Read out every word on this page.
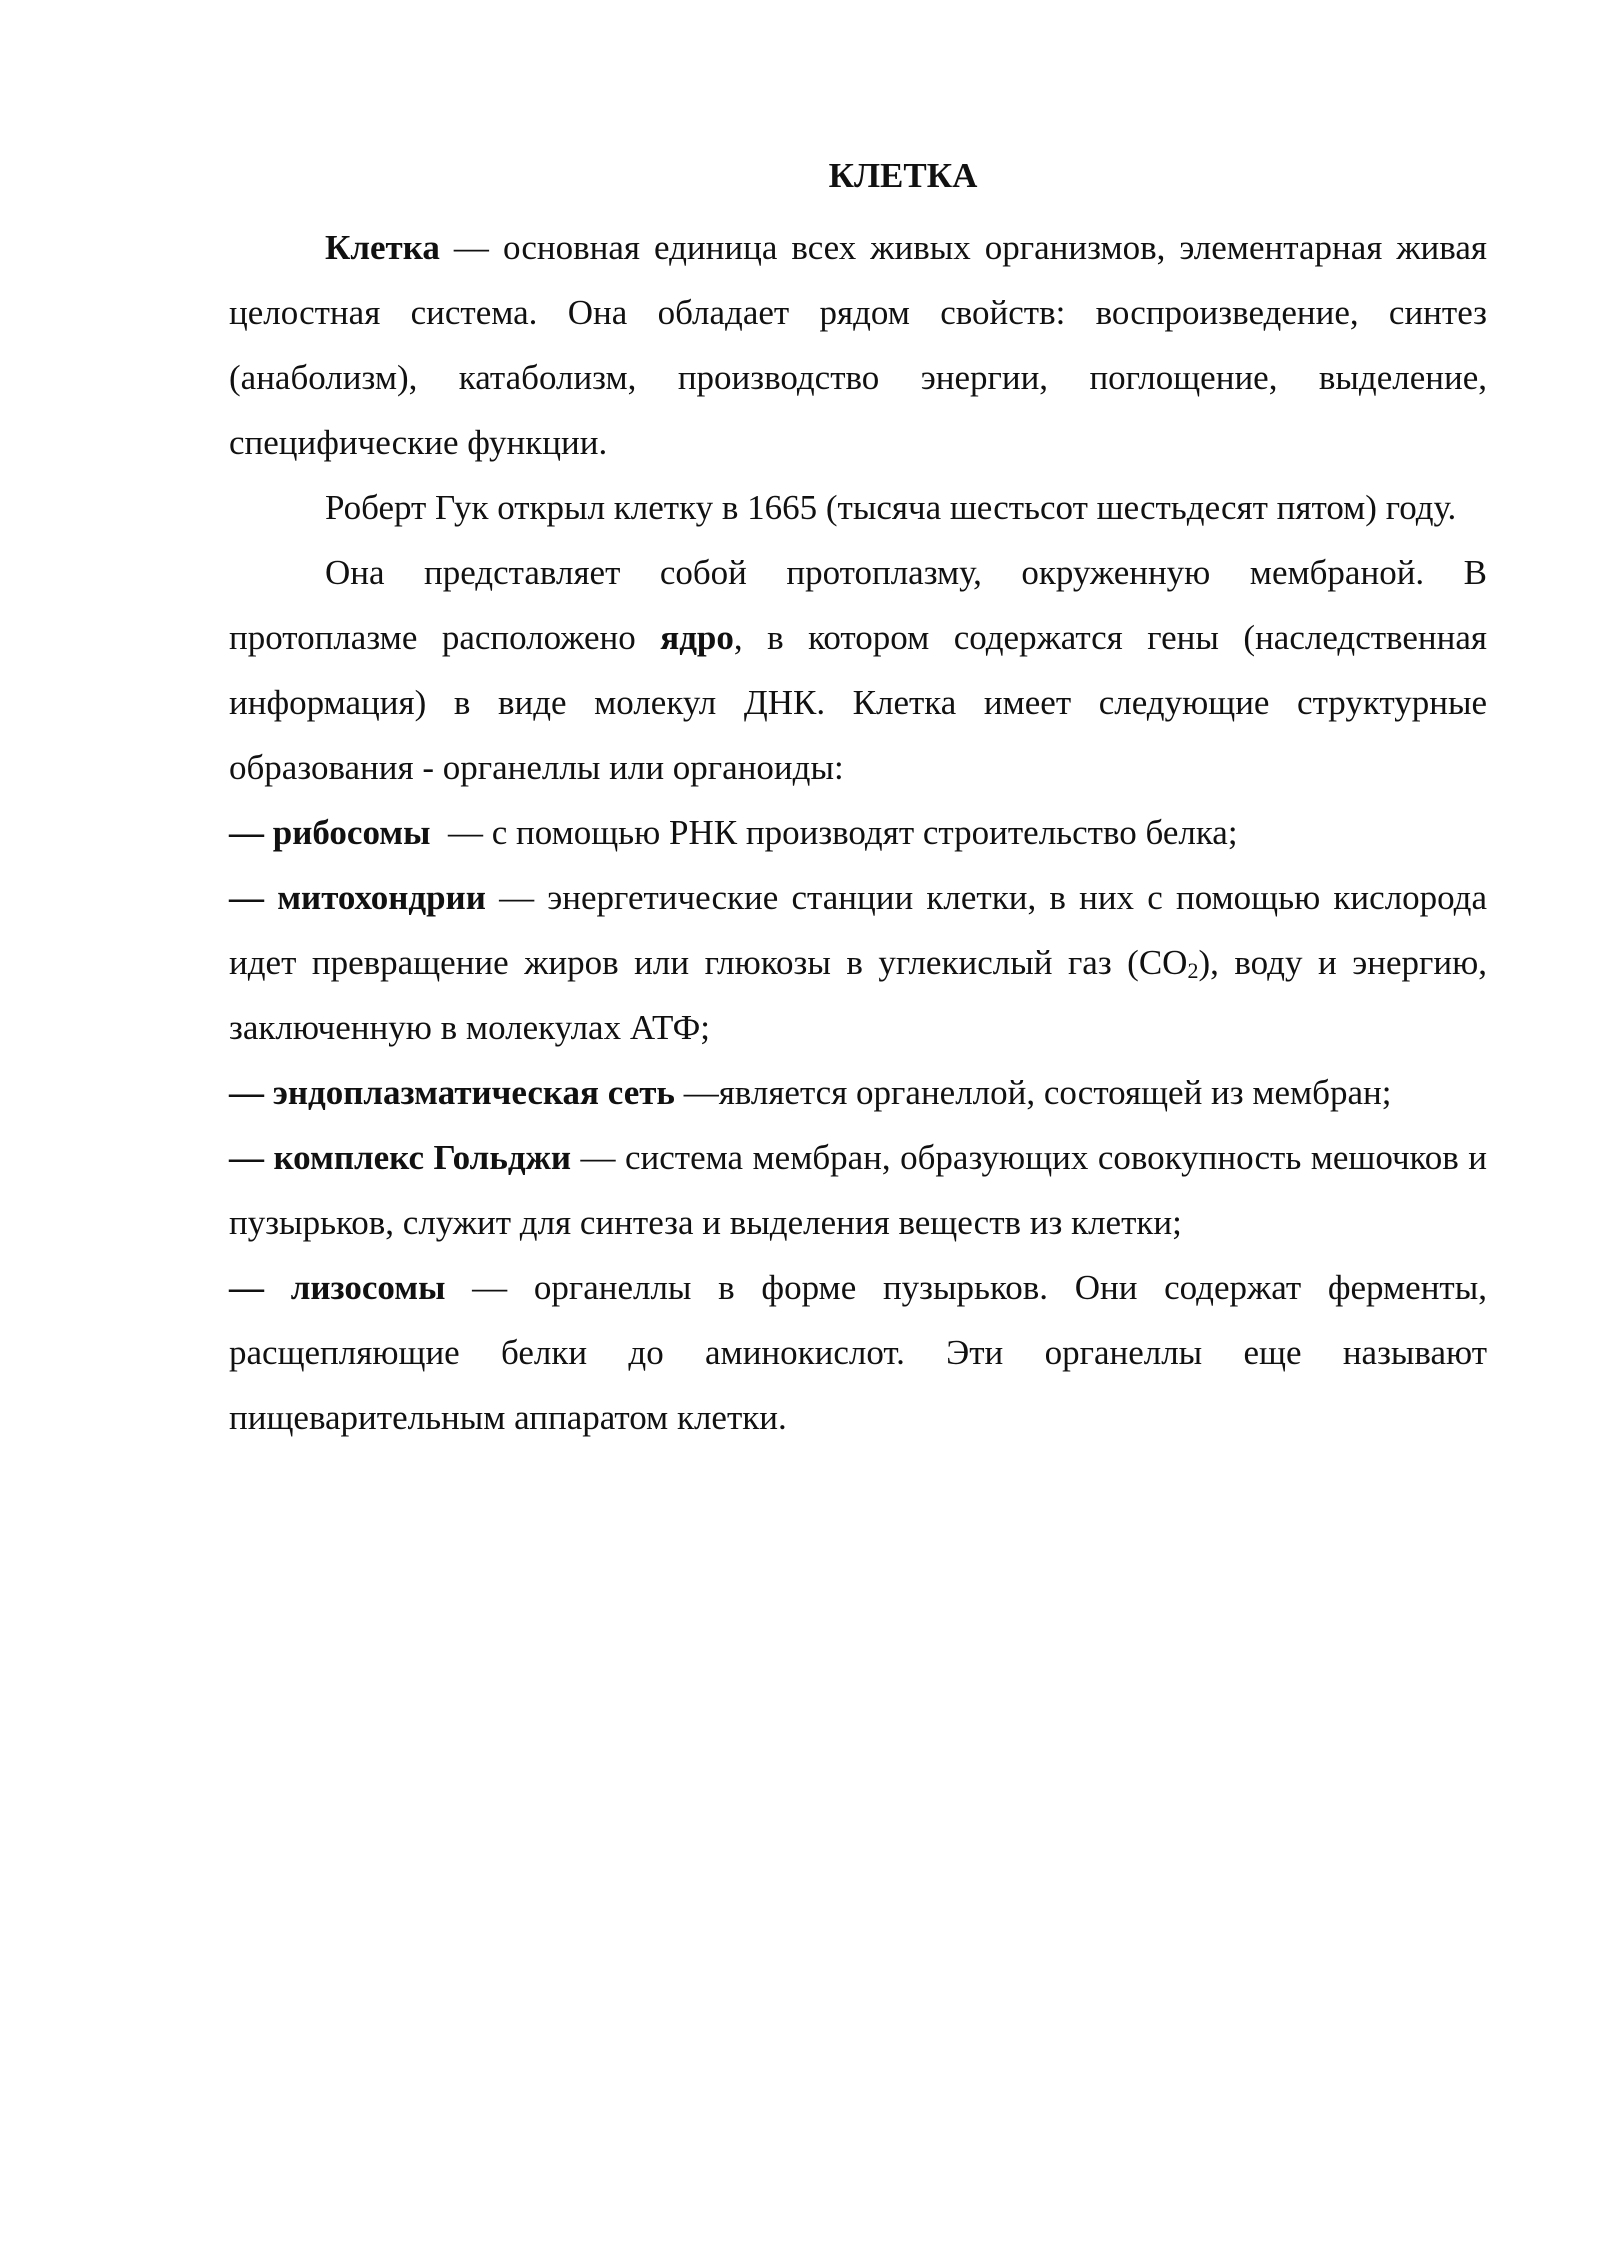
КЛЕТКА

Клетка — основная единица всех живых организмов, элементарная живая целостная система. Она обладает рядом свойств: воспроизведение, синтез (анаболизм), катаболизм, производство энергии, поглощение, выделение, специфические функции.

Роберт Гук открыл клетку в 1665 (тысяча шестьсот шестьдесят пятом) году.

Она представляет собой протоплазму, окруженную мембраной. В протоплазме расположено ядро, в котором содержатся гены (наследственная информация) в виде молекул ДНК. Клетка имеет следующие структурные образования - органеллы или органоиды:

— рибосомы  — с помощью РНК производят строительство белка;

— митохондрии — энергетические станции клетки, в них с помощью кислорода идет превращение жиров или глюкозы в углекислый газ $(CO_2)$, воду и энергию, заключенную в молекулах АТФ;

— эндоплазматическая сеть —является органеллой, состоящей из мембран;

— комплекс Гольджи — система мембран, образующих совокупность мешочков и пузырьков, служит для синтеза и выделения веществ из клетки;

— лизосомы — органеллы в форме пузырьков. Они содержат ферменты, расщепляющие белки до аминокислот. Эти органеллы еще называют пищеварительным аппаратом клетки.
